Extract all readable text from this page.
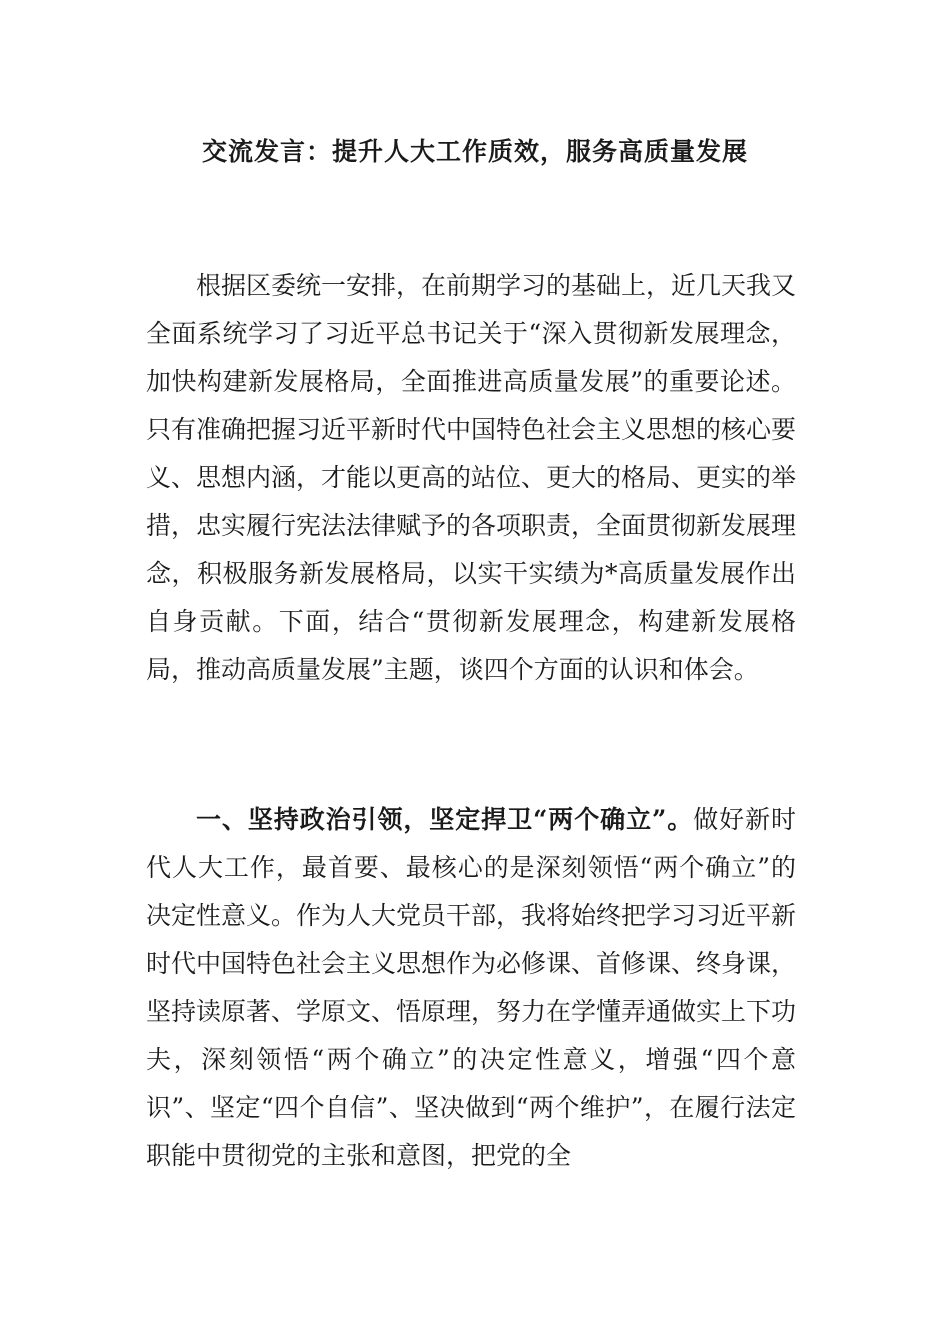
交流发言：提升人大工作质效，服务高质量发展

根据区委统一安排，在前期学习的基础上，近几天我又全面系统学习了习近平总书记关于“深入贯彻新发展理念，加快构建新发展格局，全面推进高质量发展”的重要论述。只有准确把握习近平新时代中国特色社会主义思想的核心要义、思想内涵，才能以更高的站位、更大的格局、更实的举措，忠实履行宪法法律赋予的各项职责，全面贯彻新发展理念，积极服务新发展格局，以实干实绩为*高质量发展作出自身贡献。下面，结合“贯彻新发展理念，构建新发展格局，推动高质量发展”主题，谈四个方面的认识和体会。

一、坚持政治引领，坚定捍卫“两个确立”。做好新时代人大工作，最首要、最核心的是深刻领悟“两个确立”的决定性意义。作为人大党员干部，我将始终把学习习近平新时代中国特色社会主义思想作为必修课、首修课、终身课，坚持读原著、学原文、悟原理，努力在学懂弄通做实上下功夫，深刻领悟“两个确立”的决定性意义，增强“四个意识”、坚定“四个自信”、坚决做到“两个维护”，在履行法定职能中贯彻党的主张和意图，把党的全
